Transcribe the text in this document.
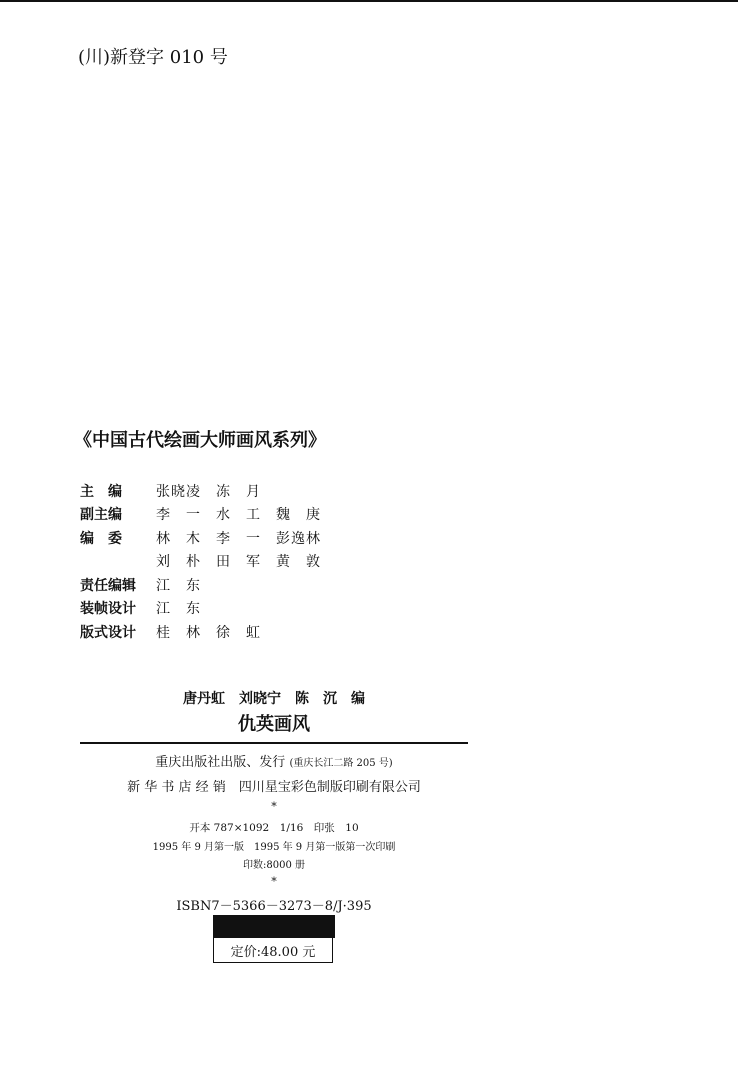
(川)新登字 010 号
《中国古代绘画大师画风系列》
主　编	张晓凌　冻　月
副主编	李　一　水　工　魏　庚
编　委	林　木　李　一　彭逸林
刘　朴　田　军　黄　敦
责任编辑	江　东
装帧设计	江　东
版式设计	桂　林　徐　虹
唐丹虹　刘晓宁　陈　沉　编
仇英画风
重庆出版社出版、发行 (重庆长江二路 205 号)
新 华 书 店 经 销　四川星宝彩色制版印刷有限公司
*
开本 787×1092　1/16　印张　10
1995 年 9 月第一版　1995 年 9 月第一版第一次印刷
印数:8000 册
*
ISBN7－5366－3273－8/J·395
定价:48.00 元
